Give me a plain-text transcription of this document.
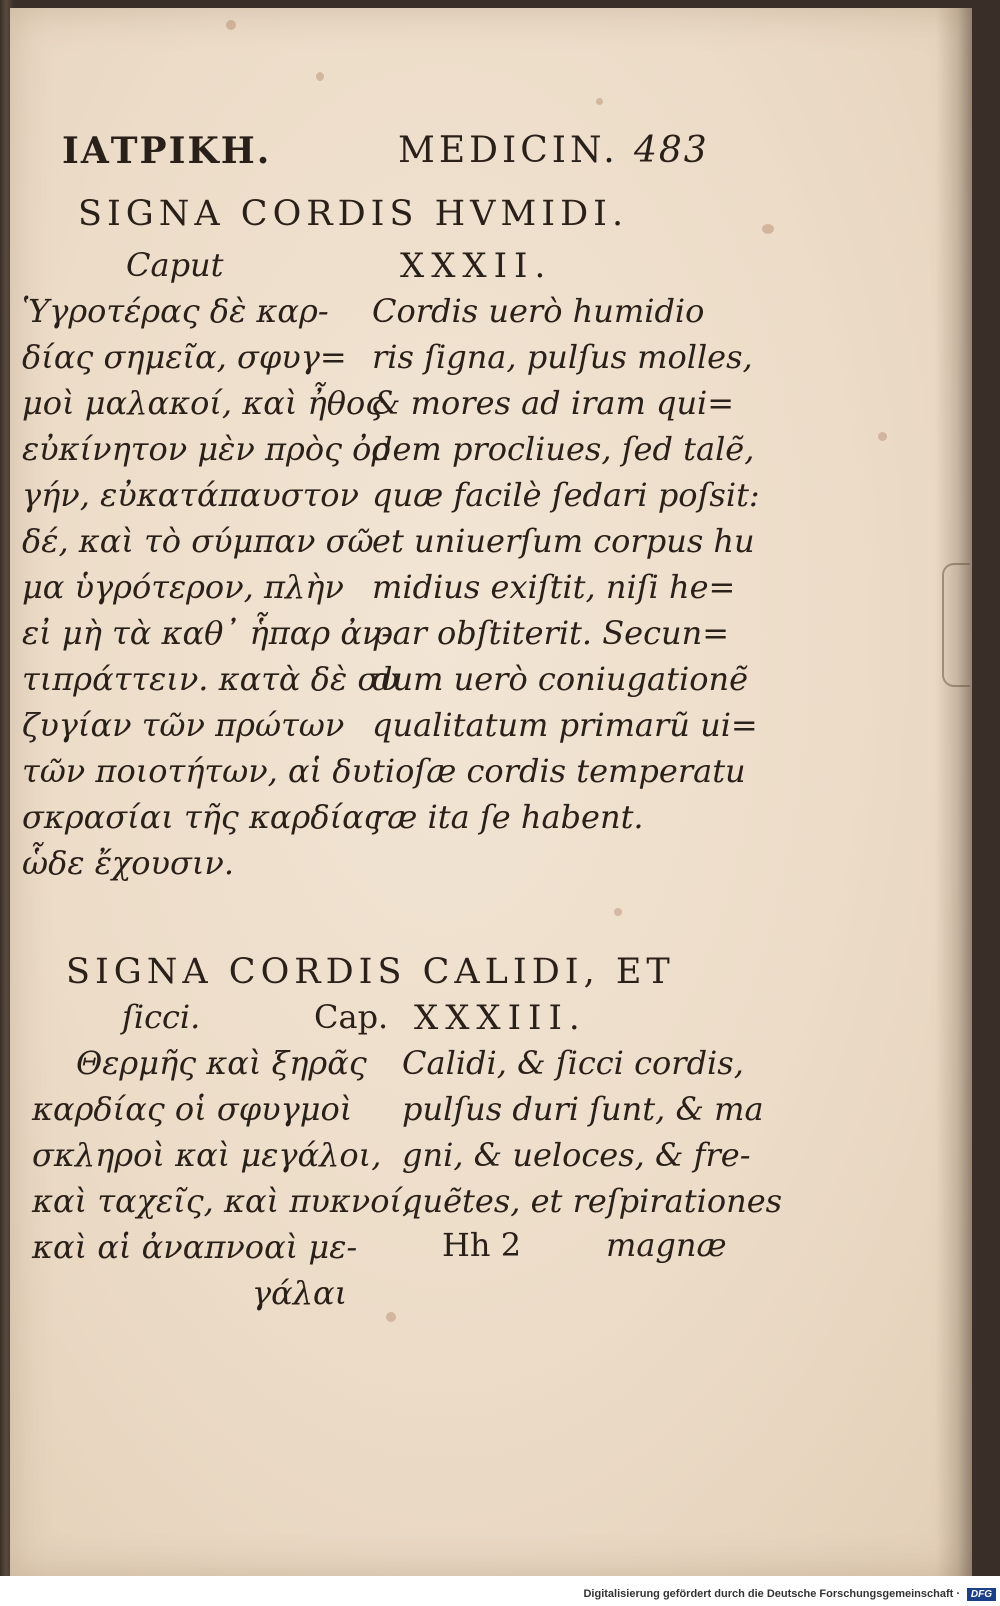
ΙΑΤΡΙΚΗ.	MEDICIN. 483
SIGNA CORDIS HVMIDI.
Caput	XXXII.
Ὑγροτέρας δὲ καρ-
δίας σημεῖα, σφυγ=
μοὶ μαλακοί, καὶ ἦθος
εὐκίνητον μὲν πρὸς ὀρ
γήν, εὐκατάπαυστον
δέ, καὶ τὸ σύμπαν σῶ
μα ὑγρότερον, πλὴν
εἰ μὴ τὰ καθ᾽ ἧπαρ ἀν-
τιπράττειν. κατὰ δὲ συ
ζυγίαν τῶν πρώτων
τῶν ποιοτήτων, αἱ δυ
σκρασίαι τῆς καρδίας
ὧδε ἔχουσιν.
Cordis uerò humidio
ris ſigna, pulſus molles,
& mores ad iram qui=
dem procliues, ſed talẽ,
quæ facilè ſedari poſsit:
et uniuerſum corpus hu
midius exiſtit, niſi he=
par obſtiterit. Secun=
dum uerò coniugationẽ
qualitatum primarũ ui=
tioſæ cordis temperatu
ræ ita ſe habent.
SIGNA CORDIS CALIDI, ET
ſicci.	Cap. XXXIII.
Θερμῆς καὶ ξηρᾶς
καρδίας οἱ σφυγμοὶ
σκληροὶ καὶ μεγάλοι,
καὶ ταχεῖς, καὶ πυκνοί,
καὶ αἱ ἀναπνοαὶ με-
γάλαι
Calidi, & ſicci cordis,
pulſus duri ſunt, & ma
gni, & ueloces, & fre-
quẽtes, et reſpirationes
Hh 2	magnæ
Digitalisierung gefördert durch die Deutsche Forschungsgemeinschaft ·	DFG
